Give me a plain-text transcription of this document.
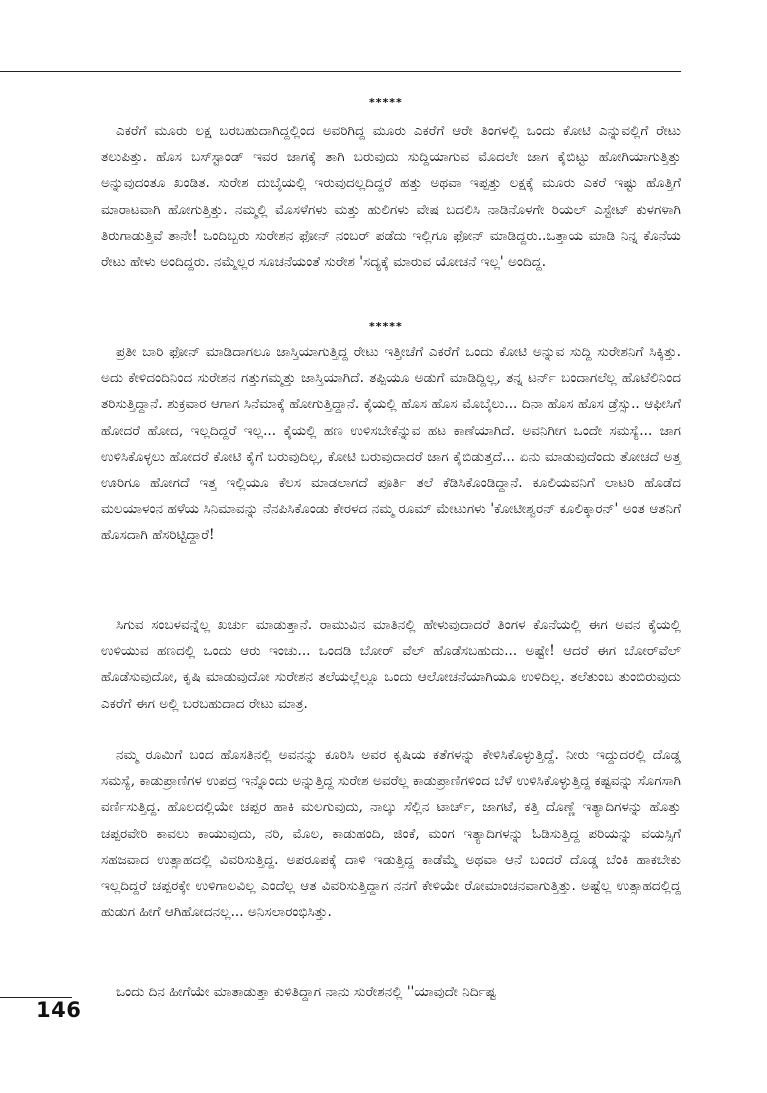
*****

ಎಕರೆಗೆ ಮೂರು ಲಕ್ಷ ಬರಬಹುದಾಗಿದ್ದಲ್ಲಿಂದ ಅವರಿಗಿದ್ದ ಮೂರು ಎಕರೆಗೆ ಆರೇ ತಿಂಗಳಲ್ಲಿ ಒಂದು ಕೋಟಿ ಎನ್ನುವಲ್ಲಿಗೆ ರೇಟು ತಲುಪಿತ್ತು. ಹೊಸ ಬಸ್‌ಸ್ಟಾಂಡ್ ಇವರ ಜಾಗಕ್ಕೆ ತಾಗಿ ಬರುವುದು ಸುದ್ದಿಯಾಗುವ ಮೊದಲೇ ಜಾಗ ಕೈಬಿಟ್ಟು ಹೋಗಿಯಾಗುತ್ತಿತ್ತು ಅನ್ನುವುದಂತೂ ಖಂಡಿತ. ಸುರೇಶ ದುಬೈಯಲ್ಲಿ ಇರುವುದಲ್ಲದಿದ್ದರೆ ಹತ್ತು ಅಥವಾ ಇಪ್ಪತ್ತು ಲಕ್ಷಕ್ಕೆ ಮೂರು ಎಕರೆ ಇಷ್ಟು ಹೊತ್ತಿಗೆ ಮಾರಾಟವಾಗಿ ಹೋಗುತ್ತಿತ್ತು. ನಮ್ಮಲ್ಲಿ ಮೊಸಳೆಗಳು ಮತ್ತು ಹುಲಿಗಳು ವೇಷ ಬದಲಿಸಿ ನಾಡಿನೊಳಗೇ ರಿಯಲ್ ಎಸ್ಟೇಟ್ ಕುಳಗಳಾಗಿ ತಿರುಗಾಡುತ್ತಿವೆ ತಾನೇ! ಒಂದಿಬ್ಬರು ಸುರೇಶನ ಫೋನ್ ನಂಬರ್ ಪಡೆದು ಇಲ್ಲಿಗೂ ಫೋನ್ ಮಾಡಿದ್ದರು..ಒತ್ತಾಯ ಮಾಡಿ ನಿನ್ನ ಕೊನೆಯ ರೇಟು ಹೇಳು ಅಂದಿದ್ದರು. ನಮ್ಮೆಲ್ಲರ ಸೂಚನೆಯಂತೆ ಸುರೇಶ 'ಸದ್ಯಕ್ಕೆ ಮಾರುವ ಯೋಚನೆ ಇಲ್ಲ' ಅಂದಿದ್ದ.

*****

ಪ್ರತೀ ಬಾರಿ ಫೋನ್ ಮಾಡಿದಾಗಲೂ ಜಾಸ್ತಿಯಾಗುತ್ತಿದ್ದ ರೇಟು ಇತ್ತೀಚೆಗೆ ಎಕರೆಗೆ ಒಂದು ಕೋಟಿ ಅನ್ನುವ ಸುದ್ದಿ ಸುರೇಶನಿಗೆ ಸಿಕ್ಕಿತ್ತು. ಅದು ಕೇಳಿದಂದಿನಿಂದ ಸುರೇಶನ ಗತ್ತುಗಮ್ಮತ್ತು ಜಾಸ್ತಿಯಾಗಿದೆ. ತಪ್ಪಿಯೂ ಅಡುಗೆ ಮಾಡಿದ್ದಿಲ್ಲ, ತನ್ನ ಟರ್ನ್ ಬಂದಾಗಲೆಲ್ಲ ಹೊಟೆಲಿನಿಂದ ತರಿಸುತ್ತಿದ್ದಾನೆ. ಶುಕ್ರವಾರ ಆಗಾಗ ಸಿನೆಮಾಕ್ಕೆ ಹೋಗುತ್ತಿದ್ದಾನೆ. ಕೈಯಲ್ಲಿ ಹೊಸ ಹೊಸ ಮೊಬೈಲು... ದಿನಾ ಹೊಸ ಹೊಸ ಡ್ರೆಸ್ಸು.. ಆಫೀಸಿಗೆ ಹೋದರೆ ಹೋದ, ಇಲ್ಲದಿದ್ದರೆ ಇಲ್ಲ... ಕೈಯಲ್ಲಿ ಹಣ ಉಳಿಸಬೇಕೆನ್ನುವ ಹಟ ಕಾಣೆಯಾಗಿದೆ. ಅವನಿಗೀಗ ಒಂದೇ ಸಮಸ್ಯೆ... ಜಾಗ ಉಳಿಸಿಕೊಳ್ಳಲು ಹೋದರೆ ಕೋಟಿ ಕೈಗೆ ಬರುವುದಿಲ್ಲ, ಕೋಟಿ ಬರುವುದಾದರೆ ಜಾಗ ಕೈಬಿಡುತ್ತದೆ... ಏನು ಮಾಡುವುದೆಂದು ತೋಚದೆ ಅತ್ತ ಊರಿಗೂ ಹೋಗದೆ ಇತ್ತ ಇಲ್ಲಿಯೂ ಕೆಲಸ ಮಾಡಲಾಗದೆ ಪೂರ್ತಿ ತಲೆ ಕೆಡಿಸಿಕೊಂಡಿದ್ದಾನೆ. ಕೂಲಿಯವನಿಗೆ ಲಾಟರಿ ಹೊಡೆದ ಮಲಯಾಳಂನ ಹಳೆಯ ಸಿನಿಮಾವನ್ನು ನೆನಪಿಸಿಕೊಂಡು ಕೇರಳದ ನಮ್ಮ ರೂಮ್ ಮೇಟುಗಳು 'ಕೋಟೀಶ್ವರನ್ ಕೂಲಿಕ್ಕಾರನ್' ಅಂತ ಆತನಿಗೆ ಹೊಸದಾಗಿ ಹೆಸರಿಟ್ಟಿದ್ದಾರೆ!

ಸಿಗುವ ಸಂಬಳವನ್ನೆಲ್ಲ ಖರ್ಚು ಮಾಡುತ್ತಾನೆ. ರಾಮುವಿನ ಮಾತಿನಲ್ಲಿ ಹೇಳುವುದಾದರೆ ತಿಂಗಳ ಕೊನೆಯಲ್ಲಿ ಈಗ ಅವನ ಕೈಯಲ್ಲಿ ಉಳಿಯುವ ಹಣದಲ್ಲಿ ಒಂದು ಆರು ಇಂಚು... ಒಂದಡಿ ಬೋರ್ ವೆಲ್ ಹೊಡೆಸಬಹುದು... ಅಷ್ಟೇ! ಆದರೆ ಈಗ ಬೋರ್‌ವೆಲ್ ಹೊಡೆಸುವುದೋ, ಕೃಷಿ ಮಾಡುವುದೋ ಸುರೇಶನ ತಲೆಯಲ್ಲೆಲ್ಲೂ ಒಂದು ಆಲೋಚನೆಯಾಗಿಯೂ ಉಳಿದಿಲ್ಲ. ತಲೆತುಂಬ ತುಂಬಿರುವುದು ಎಕರೆಗೆ ಈಗ ಅಲ್ಲಿ ಬರಬಹುದಾದ ರೇಟು ಮಾತ್ರ.

ನಮ್ಮ ರೂಮಿಗೆ ಬಂದ ಹೊಸತಿನಲ್ಲಿ ಅವನನ್ನು ಕೂರಿಸಿ ಅವರ ಕೃಷಿಯ ಕತೆಗಳನ್ನು ಕೇಳಿಸಿಕೊಳ್ಳುತ್ತಿದ್ದೆ. ನೀರು ಇದ್ದುದರಲ್ಲಿ ದೊಡ್ಡ ಸಮಸ್ಯೆ, ಕಾಡುಪ್ರಾಣಿಗಳ ಉಪದ್ರ ಇನ್ನೊಂದು ಅನ್ನುತ್ತಿದ್ದ ಸುರೇಶ ಅವರೆಲ್ಲ ಕಾಡುಪ್ರಾಣಿಗಳಿಂದ ಬೆಳೆ ಉಳಿಸಿಕೊಳ್ಳುತ್ತಿದ್ದ ಕಷ್ಟವನ್ನು ಸೊಗಸಾಗಿ ವರ್ಣಿಸುತ್ತಿದ್ದ. ಹೊಲದಲ್ಲಿಯೇ ಚಪ್ಪರ ಹಾಕಿ ಮಲಗುವುದು, ನಾಲ್ಕು ಸೆಲ್ಲಿನ ಟಾರ್ಚ್, ಜಾಗಟೆ, ಕತ್ತಿ ದೊಣ್ಣೆ ಇತ್ಯಾದಿಗಳನ್ನು ಹೊತ್ತು ಚಪ್ಪರವೇರಿ ಕಾವಲು ಕಾಯುವುದು, ನರಿ, ಮೊಲ, ಕಾಡುಹಂದಿ, ಜಿಂಕೆ, ಮಂಗ ಇತ್ಯಾದಿಗಳನ್ನು ಓಡಿಸುತ್ತಿದ್ದ ಪರಿಯನ್ನು ವಯಸ್ಸಿಗೆ ಸಹಜವಾದ ಉತ್ಸಾಹದಲ್ಲಿ ವಿವರಿಸುತ್ತಿದ್ದ. ಅಪರೂಪಕ್ಕೆ ದಾಳಿ ಇಡುತ್ತಿದ್ದ ಕಾಡೆಮ್ಮೆ ಅಥವಾ ಆನೆ ಬಂದರೆ ದೊಡ್ಡ ಬೆಂಕಿ ಹಾಕಬೇಕು ಇಲ್ಲದಿದ್ದರೆ ಚಪ್ಪರಕ್ಕೇ ಉಳಿಗಾಲವಿಲ್ಲ ಎಂದೆಲ್ಲ ಆತ ವಿವರಿಸುತ್ತಿದ್ದಾಗ ನನಗೆ ಕೇಳಿಯೇ ರೋಮಾಂಚನವಾಗುತ್ತಿತ್ತು. ಅಷ್ಟೆಲ್ಲ ಉತ್ಸಾಹದಲ್ಲಿದ್ದ ಹುಡುಗ ಹೀಗೆ ಆಗಿಹೋದನಲ್ಲ... ಅನಿಸಲಾರಂಭಿಸಿತ್ತು.

ಒಂದು ದಿನ ಹೀಗೆಯೇ ಮಾತಾಡುತ್ತಾ ಕುಳಿತಿದ್ದಾಗ ನಾನು ಸುರೇಶನಲ್ಲಿ ''ಯಾವುದೇ ನಿರ್ದಿಷ್ಟ

146
